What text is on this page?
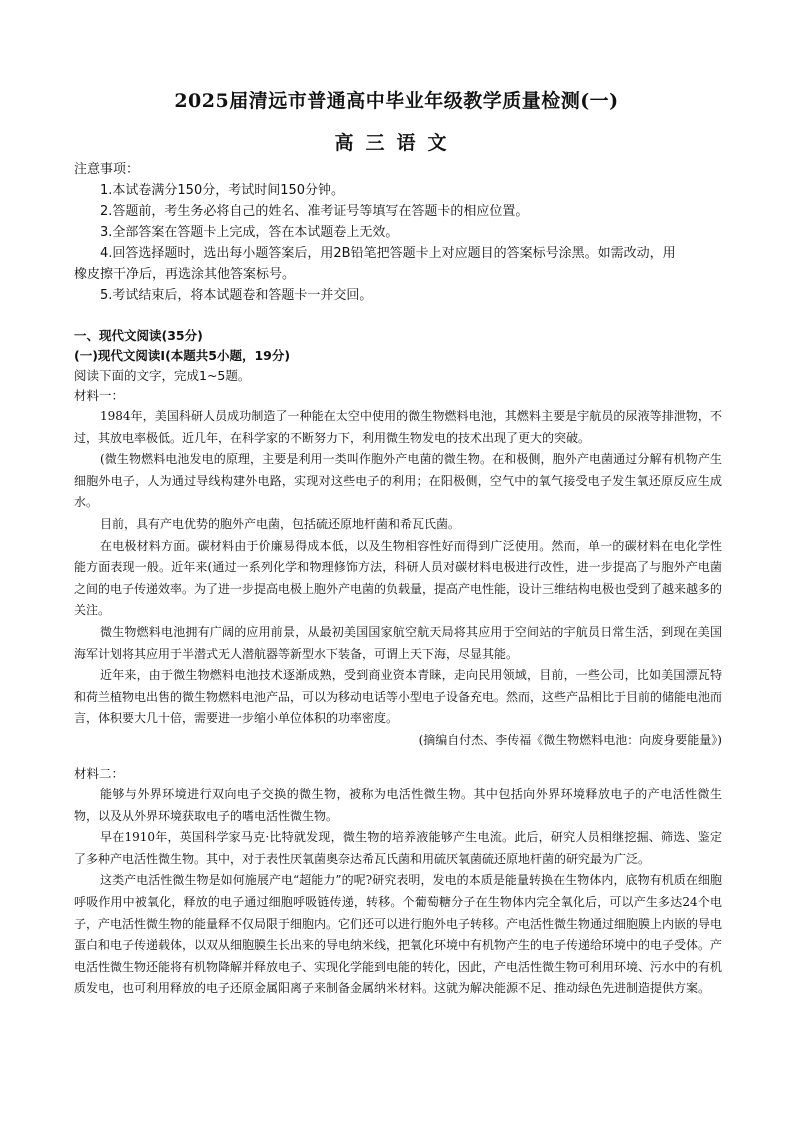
2025届清远市普通高中毕业年级教学质量检测(一)
高三语文
注意事项：
1.本试卷满分150分，考试时间150分钟。
2.答题前，考生务必将自己的姓名、准考证号等填写在答题卡的相应位置。
3.全部答案在答题卡上完成，答在本试题卷上无效。
4.回答选择题时，选出每小题答案后，用2B铅笔把答题卡上对应题目的答案标号涂黑。如需改动，用
橡皮擦干净后，再选涂其他答案标号。
5.考试结束后，将本试题卷和答题卡一并交回。
一、现代文阅读(35分)
(一)现代文阅读Ⅰ(本题共5小题，19分)
阅读下面的文字，完成1~5题。
材料一：

1984年，美国科研人员成功制造了一种能在太空中使用的微生物燃料电池，其燃料主要是宇航员的尿液等排泄物，不过，其放电率极低。近几年，在科学家的不断努力下，利用微生物发电的技术出现了更大的突破。

(微生物燃料电池发电的原理，主要是利用一类叫作胞外产电菌的微生物。在和极侧，胞外产电菌通过分解有机物产生细胞外电子，人为通过导线构建外电路，实现对这些电子的利用；在阳极侧，空气中的氧气接受电子发生氧还原反应生成水。

目前，具有产电优势的胞外产电菌，包括硫还原地杆菌和希瓦氏菌。

在电极材料方面。碳材料由于价廉易得成本低，以及生物相容性好而得到广泛使用。然而，单一的碳材料在电化学性能方面表现一般。近年来(通过一系列化学和物理修饰方法，科研人员对碳材料电极进行改性，进一步提高了与胞外产电菌之间的电子传递效率。为了进一步提高电极上胞外产电菌的负载量，提高产电性能，设计三维结构电极也受到了越来越多的关注。

微生物燃料电池拥有广阔的应用前景，从最初美国国家航空航天局将其应用于空间站的宇航员日常生活，到现在美国海军计划将其应用于半潜式无人潜航器等新型水下装备，可谓上天下海，尽显其能。

近年来，由于微生物燃料电池技术逐渐成熟，受到商业资本青睐，走向民用领域，目前，一些公司，比如美国漂瓦特和荷兰植物电出售的微生物燃料电池产品，可以为移动电话等小型电子设备充电。然而，这些产品相比于目前的储能电池而言，体积要大几十倍，需要进一步缩小单位体积的功率密度。

(摘编自付杰、李传福《微生物燃料电池：向废身要能量》)

材料二：

能够与外界环境进行双向电子交换的微生物，被称为电活性微生物。其中包括向外界环境释放电子的产电活性微生物，以及从外界环境获取电子的嗜电活性微生物。

早在1910年，英国科学家马克·比特就发现，微生物的培养液能够产生电流。此后，研究人员相继挖掘、筛选、鉴定了多种产电活性微生物。其中，对于表性厌氧菌奥奈达希瓦氏菌和用硫厌氧菌硫还原地杆菌的研究最为广泛。

这类产电活性微生物是如何施展产电“超能力”的呢?研究表明，发电的本质是能量转换在生物体内，底物有机质在细胞呼吸作用中被氧化，释放的电子通过细胞呼吸链传递，转移。个葡萄糖分子在生物体内完全氧化后，可以产生多达24个电子，产电活性微生物的能量释不仅局限于细胞内。它们还可以进行胞外电子转移。产电活性微生物通过细胞膜上内嵌的导电蛋白和电子传递载体，以双从细胞膜生长出来的导电纳米线，把氧化环境中有机物产生的电子传递给环境中的电子受体。产电活性微生物还能将有机物降解并释放电子、实现化学能到电能的转化，因此，产电活性微生物可利用环境、污水中的有机质发电，也可利用释放的电子还原金属阳离子来制备金属纳米材料。这就为解决能源不足、推动绿色先进制造提供方案。
